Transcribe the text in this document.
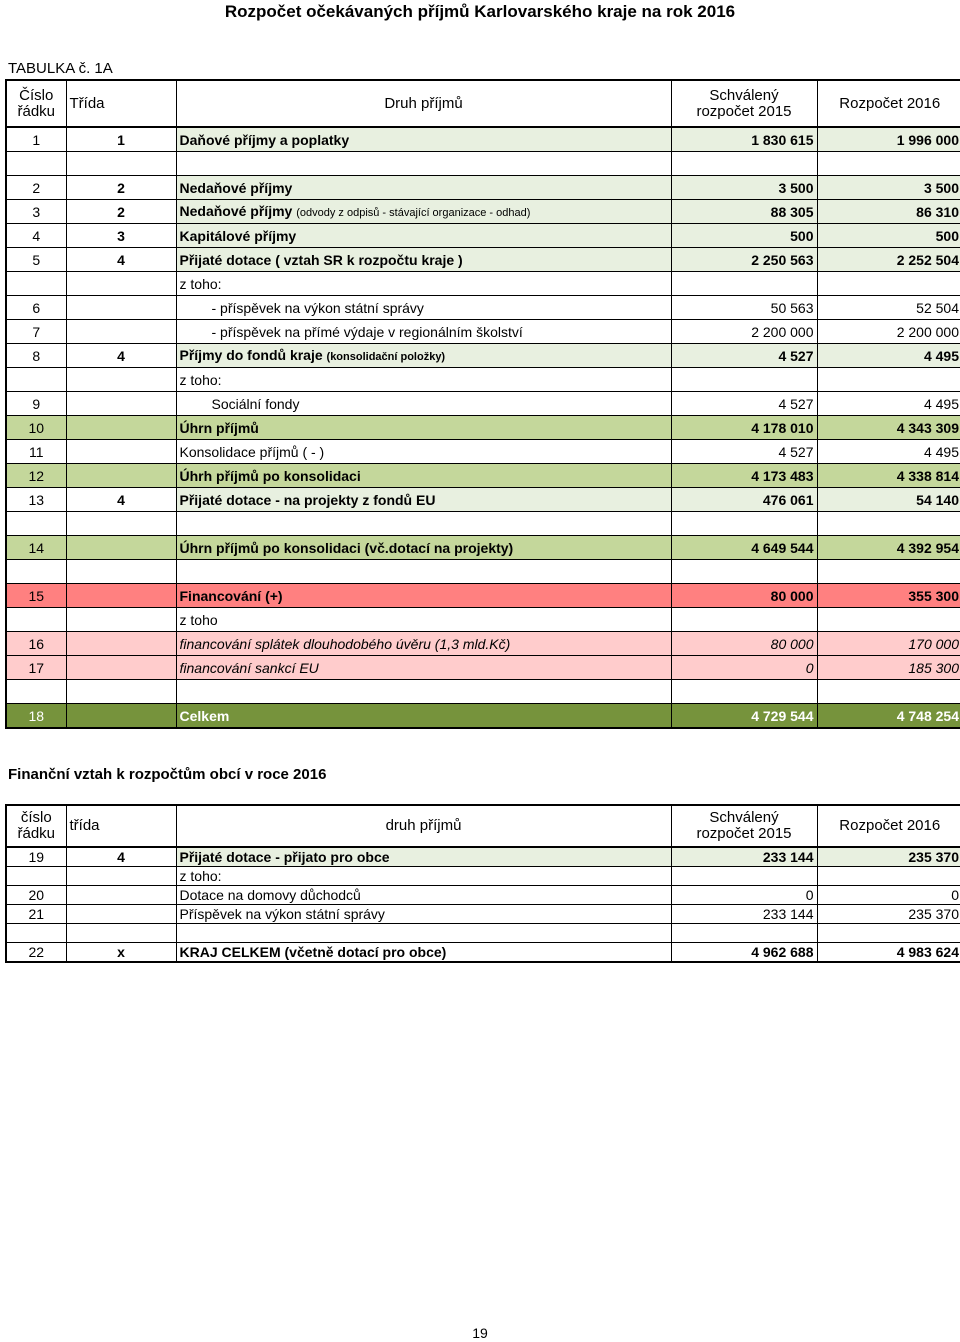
Rozpočet očekávaných příjmů Karlovarského kraje na rok 2016
TABULKA č. 1A
Číslo
řádku	Třída	Druh příjmů	Schválený
rozpočet 2015	Rozpočet 2016
1	1	Daňové příjmy a poplatky	1 830 615	1 996 000

2	2	Nedaňové příjmy	3 500	3 500
3	2	Nedaňové příjmy (odvody z odpisů - stávající organizace - odhad)	88 305	86 310
4	3	Kapitálové příjmy	500	500
5	4	Přijaté dotace ( vztah SR k rozpočtu kraje )	2 250 563	2 252 504
		z toho:		
6		- příspěvek na výkon státní správy	50 563	52 504
7		- příspěvek na přímé výdaje v regionálním školství	2 200 000	2 200 000
8	4	Příjmy do fondů kraje (konsolidační položky)	4 527	4 495
		z toho:		
9		Sociální fondy	4 527	4 495
10		Úhrn příjmů	4 178 010	4 343 309
11		Konsolidace příjmů ( - )	4 527	4 495
12		Úhrh příjmů po konsolidaci	4 173 483	4 338 814
13	4	Přijaté dotace - na projekty z fondů EU	476 061	54 140

14		Úhrn příjmů po konsolidaci (vč.dotací na projekty)	4 649 544	4 392 954

15		Financování (+)	80 000	355 300
		z toho		
16		financování splátek dlouhodobého úvěru (1,3 mld.Kč)	80 000	170 000
17		financování sankcí EU	0	185 300

18		Celkem	4 729 544	4 748 254
Finanční vztah k rozpočtům obcí v roce 2016
číslo
řádku	třída	druh příjmů	Schválený
rozpočet 2015	Rozpočet 2016
19	4	Přijaté dotace - přijato pro obce	233 144	235 370
		z toho:		
20		Dotace na domovy důchodců	0	0
21		Příspěvek na výkon státní správy	233 144	235 370

22	x	KRAJ CELKEM (včetně dotací pro obce)	4 962 688	4 983 624
19
